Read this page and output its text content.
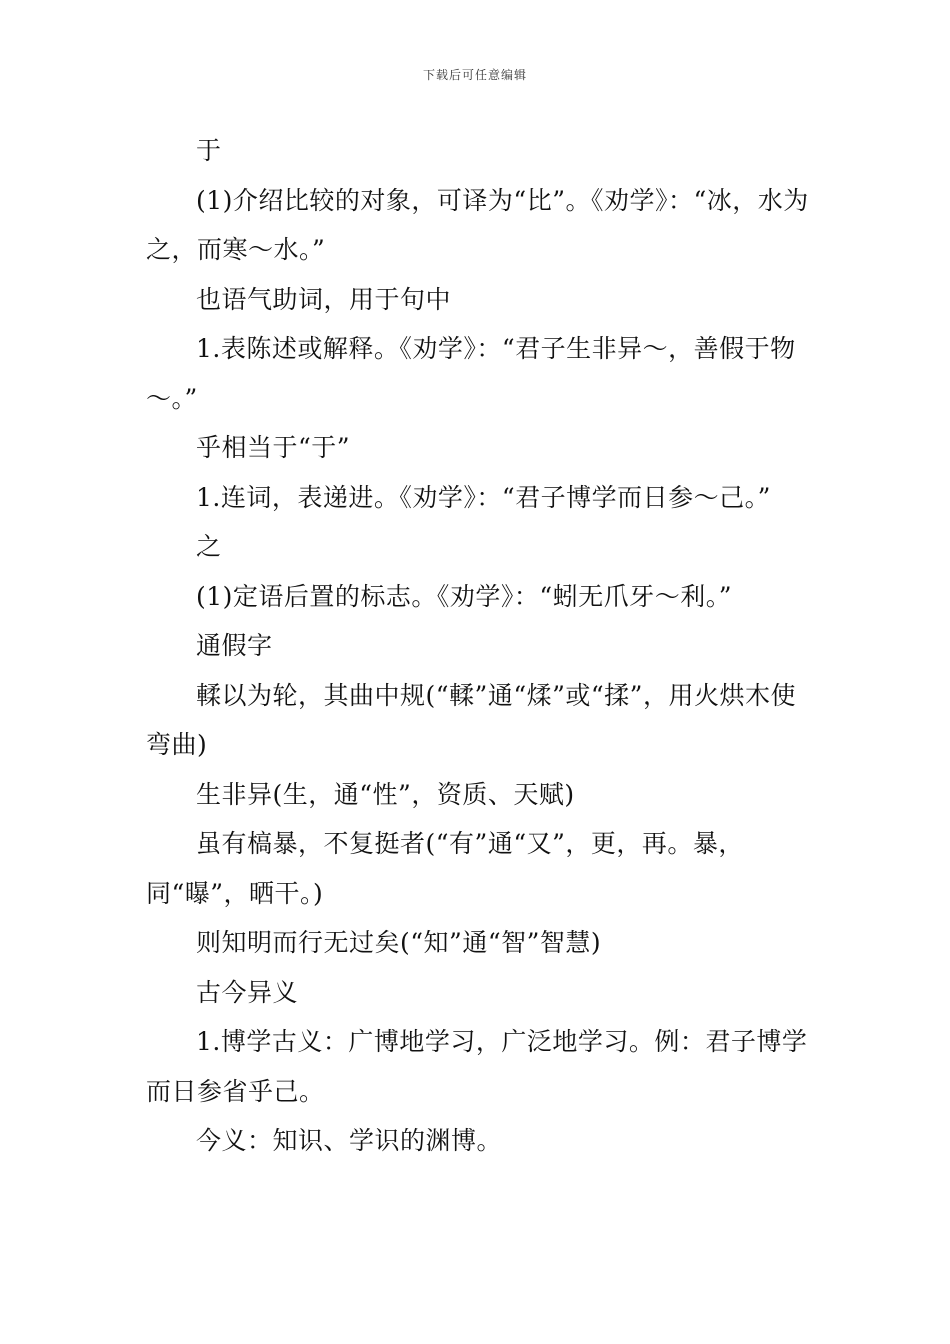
下载后可任意编辑

于

(1)介绍比较的对象，可译为“比”。《劝学》：“冰，水为之，而寒～水。”

也语气助词，用于句中

1.表陈述或解释。《劝学》：“君子生非异～，善假于物～。”

乎相当于“于”

1.连词，表递进。《劝学》：“君子博学而日参～己。”

之

(1)定语后置的标志。《劝学》：“蚓无爪牙～利。”

通假字

輮以为轮，其曲中规(“輮”通“煣”或“揉”，用火烘木使弯曲)

生非异(生，通“性”，资质、天赋)

虽有槁暴，不复挺者(“有”通“又”，更，再。暴，同“曝”，晒干。)

则知明而行无过矣(“知”通“智”智慧)

古今异义

1.博学古义：广博地学习，广泛地学习。例：君子博学而日参省乎己。

今义：知识、学识的渊博。
